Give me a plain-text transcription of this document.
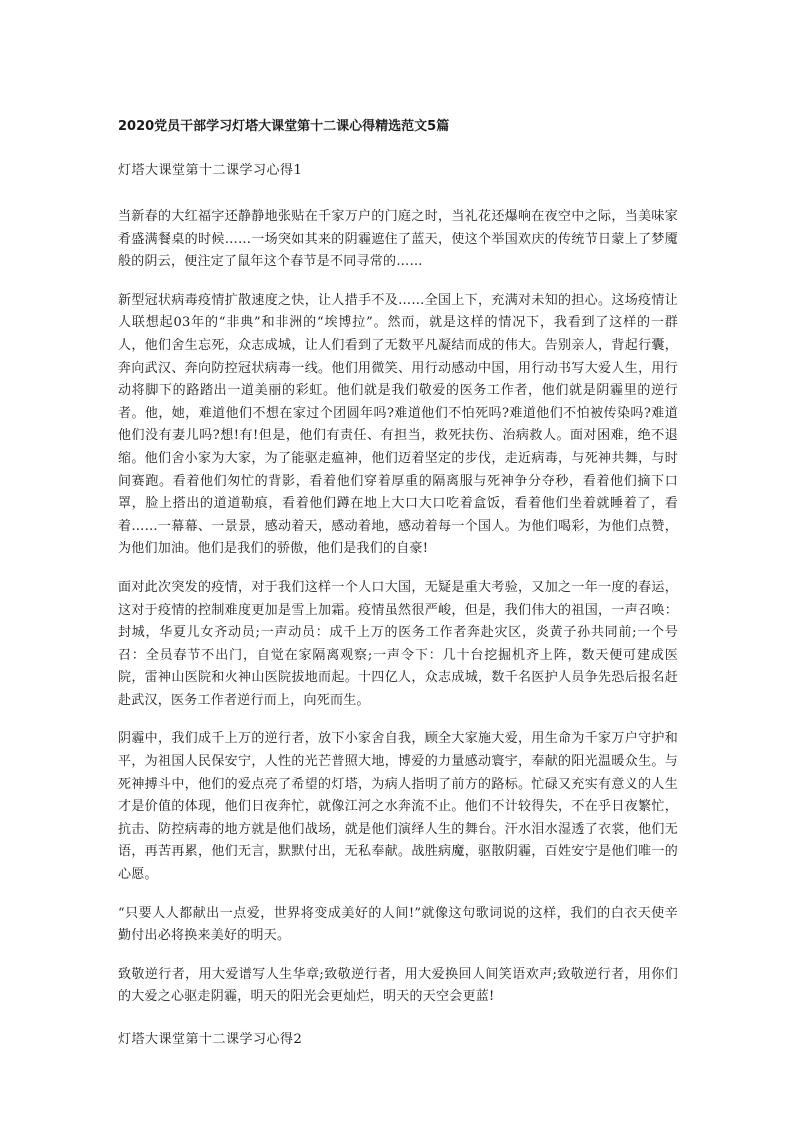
2020党员干部学习灯塔大课堂第十二课心得精选范文5篇
灯塔大课堂第十二课学习心得1

当新春的大红福字还静静地张贴在千家万户的门庭之时，当礼花还爆响在夜空中之际，当美味家肴盛满餐桌的时候……一场突如其来的阴霾遮住了蓝天，使这个举国欢庆的传统节日蒙上了梦魇般的阴云，便注定了鼠年这个春节是不同寻常的……

新型冠状病毒疫情扩散速度之快，让人措手不及……全国上下，充满对未知的担心。这场疫情让人联想起03年的“非典”和非洲的“埃博拉”。然而，就是这样的情况下，我看到了这样的一群人，他们舍生忘死，众志成城，让人们看到了无数平凡凝结而成的伟大。告别亲人，背起行囊，奔向武汉、奔向防控冠状病毒一线。他们用微笑、用行动感动中国，用行动书写大爱人生，用行动将脚下的路踏出一道美丽的彩虹。他们就是我们敬爱的医务工作者，他们就是阴霾里的逆行者。他，她，难道他们不想在家过个团圆年吗?难道他们不怕死吗?难道他们不怕被传染吗?难道他们没有妻儿吗?想!有!但是，他们有责任、有担当，救死扶伤、治病救人。面对困难，绝不退缩。他们舍小家为大家，为了能驱走瘟神，他们迈着坚定的步伐，走近病毒，与死神共舞，与时间赛跑。看着他们匆忙的背影，看着他们穿着厚重的隔离服与死神争分夺秒，看着他们摘下口罩，脸上搭出的道道勒痕，看着他们蹲在地上大口大口吃着盒饭，看着他们坐着就睡着了，看着……一幕幕、一景景，感动着天，感动着地，感动着每一个国人。为他们喝彩，为他们点赞，为他们加油。他们是我们的骄傲，他们是我们的自豪!

面对此次突发的疫情，对于我们这样一个人口大国，无疑是重大考验，又加之一年一度的春运，这对于疫情的控制难度更加是雪上加霜。疫情虽然很严峻，但是，我们伟大的祖国，一声召唤：封城，华夏儿女齐动员;一声动员：成千上万的医务工作者奔赴灾区，炎黄子孙共同前;一个号召：全员春节不出门，自觉在家隔离观察;一声令下：几十台挖掘机齐上阵，数天便可建成医院，雷神山医院和火神山医院拔地而起。十四亿人，众志成城，数千名医护人员争先恐后报名赶赴武汉，医务工作者逆行而上，向死而生。

阴霾中，我们成千上万的逆行者，放下小家舍自我，顾全大家施大爱，用生命为千家万户守护和平，为祖国人民保安宁，人性的光芒普照大地，博爱的力量感动寰宇，奉献的阳光温暖众生。与死神搏斗中，他们的爱点亮了希望的灯塔，为病人指明了前方的路标。忙碌又充实有意义的人生才是价值的体现，他们日夜奔忙，就像江河之水奔流不止。他们不计较得失，不在乎日夜繁忙，抗击、防控病毒的地方就是他们战场，就是他们演绎人生的舞台。汗水泪水湿透了衣裳，他们无语，再苦再累，他们无言，默默付出，无私奉献。战胜病魔，驱散阴霾，百姓安宁是他们唯一的心愿。

“只要人人都献出一点爱，世界将变成美好的人间!”就像这句歌词说的这样，我们的白衣天使辛勤付出必将换来美好的明天。

致敬逆行者，用大爱谱写人生华章;致敬逆行者，用大爱换回人间笑语欢声;致敬逆行者，用你们的大爱之心驱走阴霾，明天的阳光会更灿烂，明天的天空会更蓝!

灯塔大课堂第十二课学习心得2
